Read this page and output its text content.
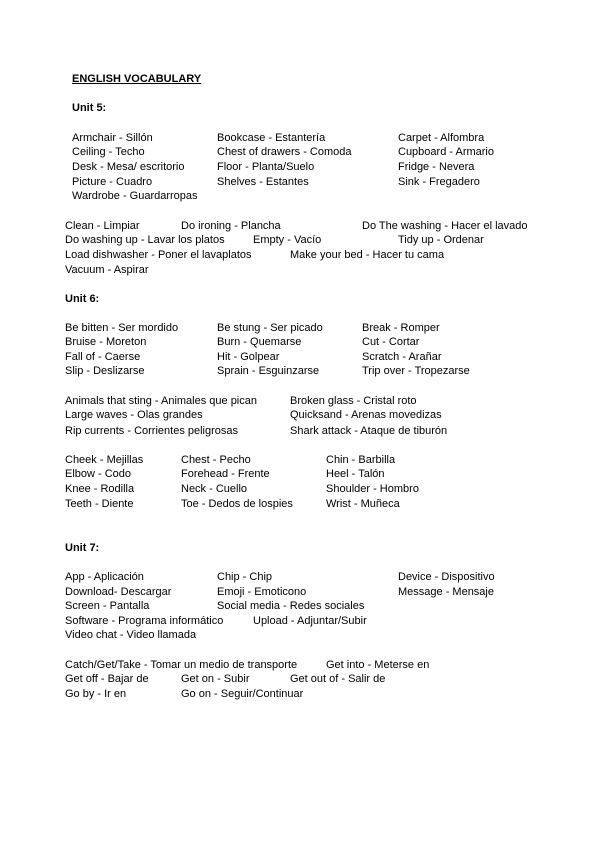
ENGLISH VOCABULARY
Unit 5:
Armchair - Sillón	Bookcase - Estantería	Carpet - Alfombra
Ceiling - Techo	Chest of drawers - Comoda	Cupboard - Armario
Desk - Mesa/ escritorio	Floor - Planta/Suelo	Fridge - Nevera
Picture - Cuadro	Shelves - Estantes	Sink - Fregadero
Wardrobe - Guardarropas
Clean - Limpiar	Do ironing - Plancha	Do The washing - Hacer el lavado
Do washing up - Lavar los platos	Empty - Vacío	Tidy up - Ordenar
Load dishwasher - Poner el lavaplatos	Make your bed - Hacer tu cama
Vacuum - Aspirar
Unit 6:
Be bitten - Ser mordido	Be stung - Ser picado	Break - Romper
Bruise - Moreton	Burn - Quemarse	Cut - Cortar
Fall of - Caerse	Hit - Golpear	Scratch - Arañar
Slip - Deslizarse	Sprain - Esguinzarse	Trip over - Tropezarse
Animals that sting - Animales que pican	Broken glass - Cristal roto
Large waves - Olas grandes	Quicksand - Arenas movedizas
Rip currents - Corrientes peligrosas	Shark attack - Ataque de tiburón
Cheek - Mejillas	Chest - Pecho	Chin - Barbilla
Elbow - Codo	Forehead - Frente	Heel - Talón
Knee - Rodilla	Neck - Cuello	Shoulder - Hombro
Teeth - Diente	Toe - Dedos de lospies	Wrist - Muñeca
Unit 7:
App - Aplicación	Chip - Chip	Device - Dispositivo
Download- Descargar	Emoji - Emoticono	Message - Mensaje
Screen - Pantalla	Social media - Redes sociales
Software - Programa informático	Upload - Adjuntar/Subir
Video chat - Video llamada
Catch/Get/Take - Tomar un medio de transporte	Get into - Meterse en
Get off - Bajar de	Get on - Subir	Get out of - Salir de
Go by - Ir en	Go on - Seguir/Continuar
